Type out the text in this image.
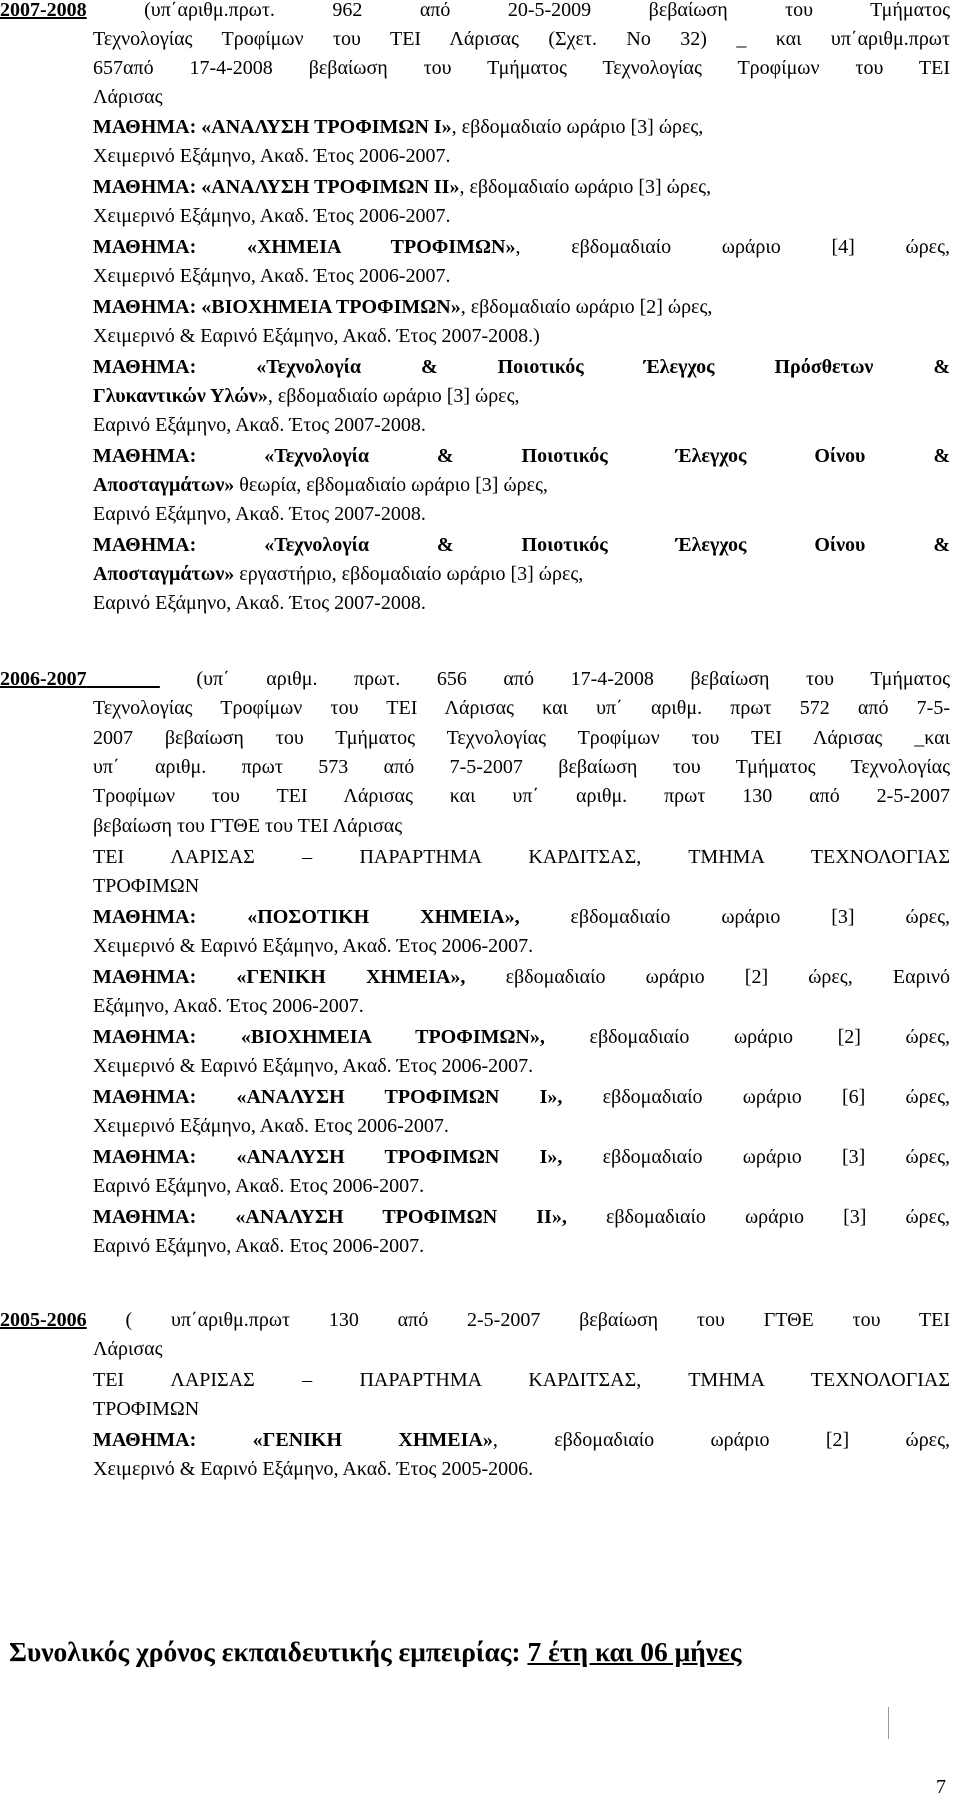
2007-2008	(υπ΄αριθμ.πρωτ. 962 από 20-5-2009 βεβαίωση του Τμήματος
Τεχνολογίας Τροφίμων του ΤΕΙ Λάρισας (Σχετ. Νο 32) _ και υπ΄αριθμ.πρωτ
657από 17-4-2008 βεβαίωση του Τμήματος Τεχνολογίας Τροφίμων του ΤΕΙ
Λάρισας
ΜΑΘΗΜΑ: «ΑΝΑΛΥΣΗ ΤΡΟΦΙΜΩΝ Ι», εβδομαδιαίο ωράριο [3] ώρες,
Χειμερινό Εξάμηνο, Ακαδ. Έτος 2006-2007.
ΜΑΘΗΜΑ: «ΑΝΑΛΥΣΗ ΤΡΟΦΙΜΩΝ ΙΙ», εβδομαδιαίο ωράριο [3] ώρες,
Χειμερινό Εξάμηνο, Ακαδ. Έτος 2006-2007.
ΜΑΘΗΜΑ: «ΧΗΜΕΙΑ ΤΡΟΦΙΜΩΝ», εβδομαδιαίο ωράριο [4] ώρες,
Χειμερινό Εξάμηνο, Ακαδ. Έτος 2006-2007.
ΜΑΘΗΜΑ: «ΒΙΟΧΗΜΕΙΑ ΤΡΟΦΙΜΩΝ», εβδομαδιαίο ωράριο [2] ώρες,
Χειμερινό & Εαρινό Εξάμηνο, Ακαδ. Έτος 2007-2008.)
ΜΑΘΗΜΑ: «Τεχνολογία & Ποιοτικός Έλεγχος Πρόσθετων &
Γλυκαντικών Υλών», εβδομαδιαίο ωράριο [3] ώρες,
Εαρινό Εξάμηνο, Ακαδ. Έτος 2007-2008.
ΜΑΘΗΜΑ: «Τεχνολογία & Ποιοτικός Έλεγχος Οίνου &
Αποσταγμάτων» θεωρία, εβδομαδιαίο ωράριο [3] ώρες,
Εαρινό Εξάμηνο, Ακαδ. Έτος 2007-2008.
ΜΑΘΗΜΑ: «Τεχνολογία & Ποιοτικός Έλεγχος Οίνου &
Αποσταγμάτων» εργαστήριο, εβδομαδιαίο ωράριο [3] ώρες,
Εαρινό Εξάμηνο, Ακαδ. Έτος 2007-2008.
2006-2007	(υπ΄ αριθμ. πρωτ. 656 από 17-4-2008 βεβαίωση του Τμήματος
Τεχνολογίας Τροφίμων του ΤΕΙ Λάρισας και υπ΄ αριθμ. πρωτ 572 από 7-5-
2007 βεβαίωση του Τμήματος Τεχνολογίας Τροφίμων του ΤΕΙ Λάρισας _και
υπ΄ αριθμ. πρωτ 573 από 7-5-2007 βεβαίωση του Τμήματος Τεχνολογίας
Τροφίμων του ΤΕΙ Λάρισας και υπ΄ αριθμ. πρωτ 130 από 2-5-2007
βεβαίωση του ΓΤΘΕ του ΤΕΙ Λάρισας
ΤΕΙ ΛΑΡΙΣΑΣ – ΠΑΡΑΡΤΗΜΑ ΚΑΡΔΙΤΣΑΣ, ΤΜΗΜΑ ΤΕΧΝΟΛΟΓΙΑΣ
ΤΡΟΦΙΜΩΝ
ΜΑΘΗΜΑ: «ΠΟΣΟΤΙΚΗ ΧΗΜΕΙΑ», εβδομαδιαίο ωράριο [3] ώρες,
Χειμερινό & Εαρινό Εξάμηνο, Ακαδ. Έτος 2006-2007.
ΜΑΘΗΜΑ: «ΓΕΝΙΚΗ ΧΗΜΕΙΑ», εβδομαδιαίο ωράριο [2] ώρες, Εαρινό
Εξάμηνο, Ακαδ. Έτος 2006-2007.
ΜΑΘΗΜΑ: «ΒΙΟΧΗΜΕΙΑ ΤΡΟΦΙΜΩΝ», εβδομαδιαίο ωράριο [2] ώρες,
Χειμερινό & Εαρινό Εξάμηνο, Ακαδ. Έτος 2006-2007.
ΜΑΘΗΜΑ: «ΑΝΑΛΥΣΗ ΤΡΟΦΙΜΩΝ Ι», εβδομαδιαίο ωράριο [6] ώρες,
Χειμερινό Εξάμηνο, Ακαδ. Ετος 2006-2007.
ΜΑΘΗΜΑ: «ΑΝΑΛΥΣΗ ΤΡΟΦΙΜΩΝ Ι», εβδομαδιαίο ωράριο [3] ώρες,
Εαρινό Εξάμηνο, Ακαδ. Ετος 2006-2007.
ΜΑΘΗΜΑ: «ΑΝΑΛΥΣΗ ΤΡΟΦΙΜΩΝ ΙΙ», εβδομαδιαίο ωράριο [3] ώρες,
Εαρινό Εξάμηνο, Ακαδ. Ετος 2006-2007.
2005-2006 ( υπ΄αριθμ.πρωτ 130 από 2-5-2007 βεβαίωση του ΓΤΘΕ του ΤΕΙ
Λάρισας
ΤΕΙ ΛΑΡΙΣΑΣ – ΠΑΡΑΡΤΗΜΑ ΚΑΡΔΙΤΣΑΣ, ΤΜΗΜΑ ΤΕΧΝΟΛΟΓΙΑΣ
ΤΡΟΦΙΜΩΝ
ΜΑΘΗΜΑ: «ΓΕΝΙΚΗ ΧΗΜΕΙΑ», εβδομαδιαίο ωράριο [2] ώρες,
Χειμερινό & Εαρινό Εξάμηνο, Ακαδ. Έτος 2005-2006.
Συνολικός χρόνος εκπαιδευτικής εμπειρίας: 7 έτη και 06 μήνες
7
